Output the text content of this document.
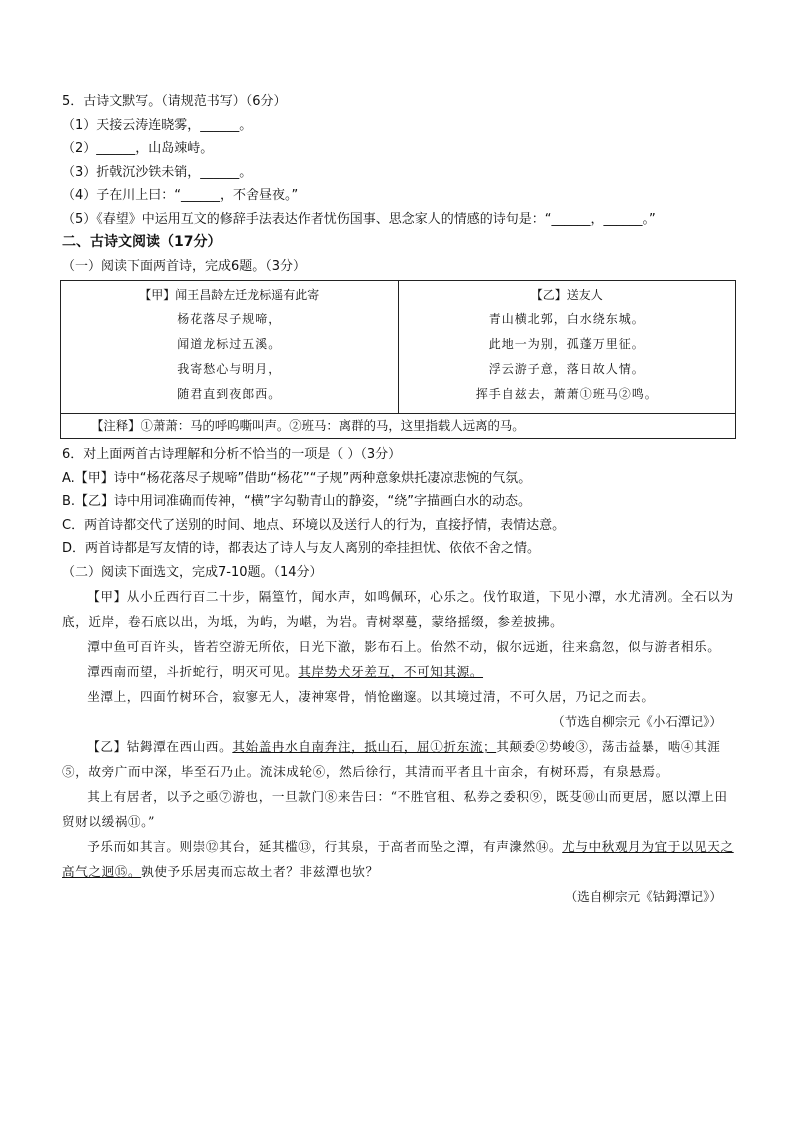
5．古诗文默写。（请规范书写）（6分）
（1）天接云涛连晓雾，______。
（2）______，山岛竦峙。
（3）折戟沉沙铁未销，______。
（4）子在川上曰：“______，不舍昼夜。”
（5）《春望》中运用互文的修辞手法表达作者忧伤国事、思念家人的情感的诗句是：“______，______。”
二、古诗文阅读（17分）
（一）阅读下面两首诗，完成6题。（3分）
【甲】闻王昌龄左迁龙标遥有此寄
杨花落尽子规啼，
闻道龙标过五溪。
我寄愁心与明月，
随君直到夜郎西。

【乙】送友人
青山横北郭，白水绕东城。
此地一为别，孤蓬万里征。
浮云游子意，落日故人情。
挥手自兹去，萧萧①班马②鸣。

【注释】①萧萧：马的呼呜嘶叫声。②班马：离群的马，这里指载人远离的马。
6．对上面两首古诗理解和分析不恰当的一项是（ ）（3分）
A.【甲】诗中“杨花落尽子规啼”借助“杨花”“子规”两种意象烘托凄凉悲惋的气氛。
B.【乙】诗中用词准确而传神，“横”字勾勒青山的静姿，“绕”字描画白水的动态。
C．两首诗都交代了送别的时间、地点、环境以及送行人的行为，直接抒情，表情达意。
D．两首诗都是写友情的诗，都表达了诗人与友人离别的牵挂担忧、依依不舍之情。
（二）阅读下面选文，完成7-10题。（14分）
【甲】从小丘西行百二十步，隔篁竹，闻水声，如鸣佩环，心乐之。伐竹取道，下见小潭，水尤清冽。全石以为底，近岸，卷石底以出，为坻，为屿，为嵁，为岩。青树翠蔓，蒙络摇缀，参差披拂。
潭中鱼可百许头，皆若空游无所依，日光下澈，影布石上。佁然不动，俶尔远逝，往来翕忽，似与游者相乐。
潭西南而望，斗折蛇行，明灭可见。其岸势犬牙差互，不可知其源。
坐潭上，四面竹树环合，寂寥无人，凄神寒骨，悄怆幽邃。以其境过清，不可久居，乃记之而去。
（节选自柳宗元《小石潭记》）
【乙】钴鉧潭在西山西。其始盖冉水自南奔注，抵山石，屈①折东流；其颠委②势峻③，荡击益暴，啮④其涯⑤，故旁广而中深，毕至石乃止。流沫成轮⑥，然后徐行，其清而平者且十亩余，有树环焉，有泉悬焉。
其上有居者，以予之亟⑦游也，一旦款门⑧来告曰：“不胜官租、私券之委积⑨，既芟⑩山而更居，愿以潭上田贸财以缓祸⑪。”
予乐而如其言。则崇⑫其台，延其槛⑬，行其泉，于高者而坠之潭，有声潨然⑭。尤与中秋观月为宜于以见天之高气之迥⑮。孰使予乐居夷而忘故土者？非兹潭也欤？
（选自柳宗元《钴鉧潭记》）
